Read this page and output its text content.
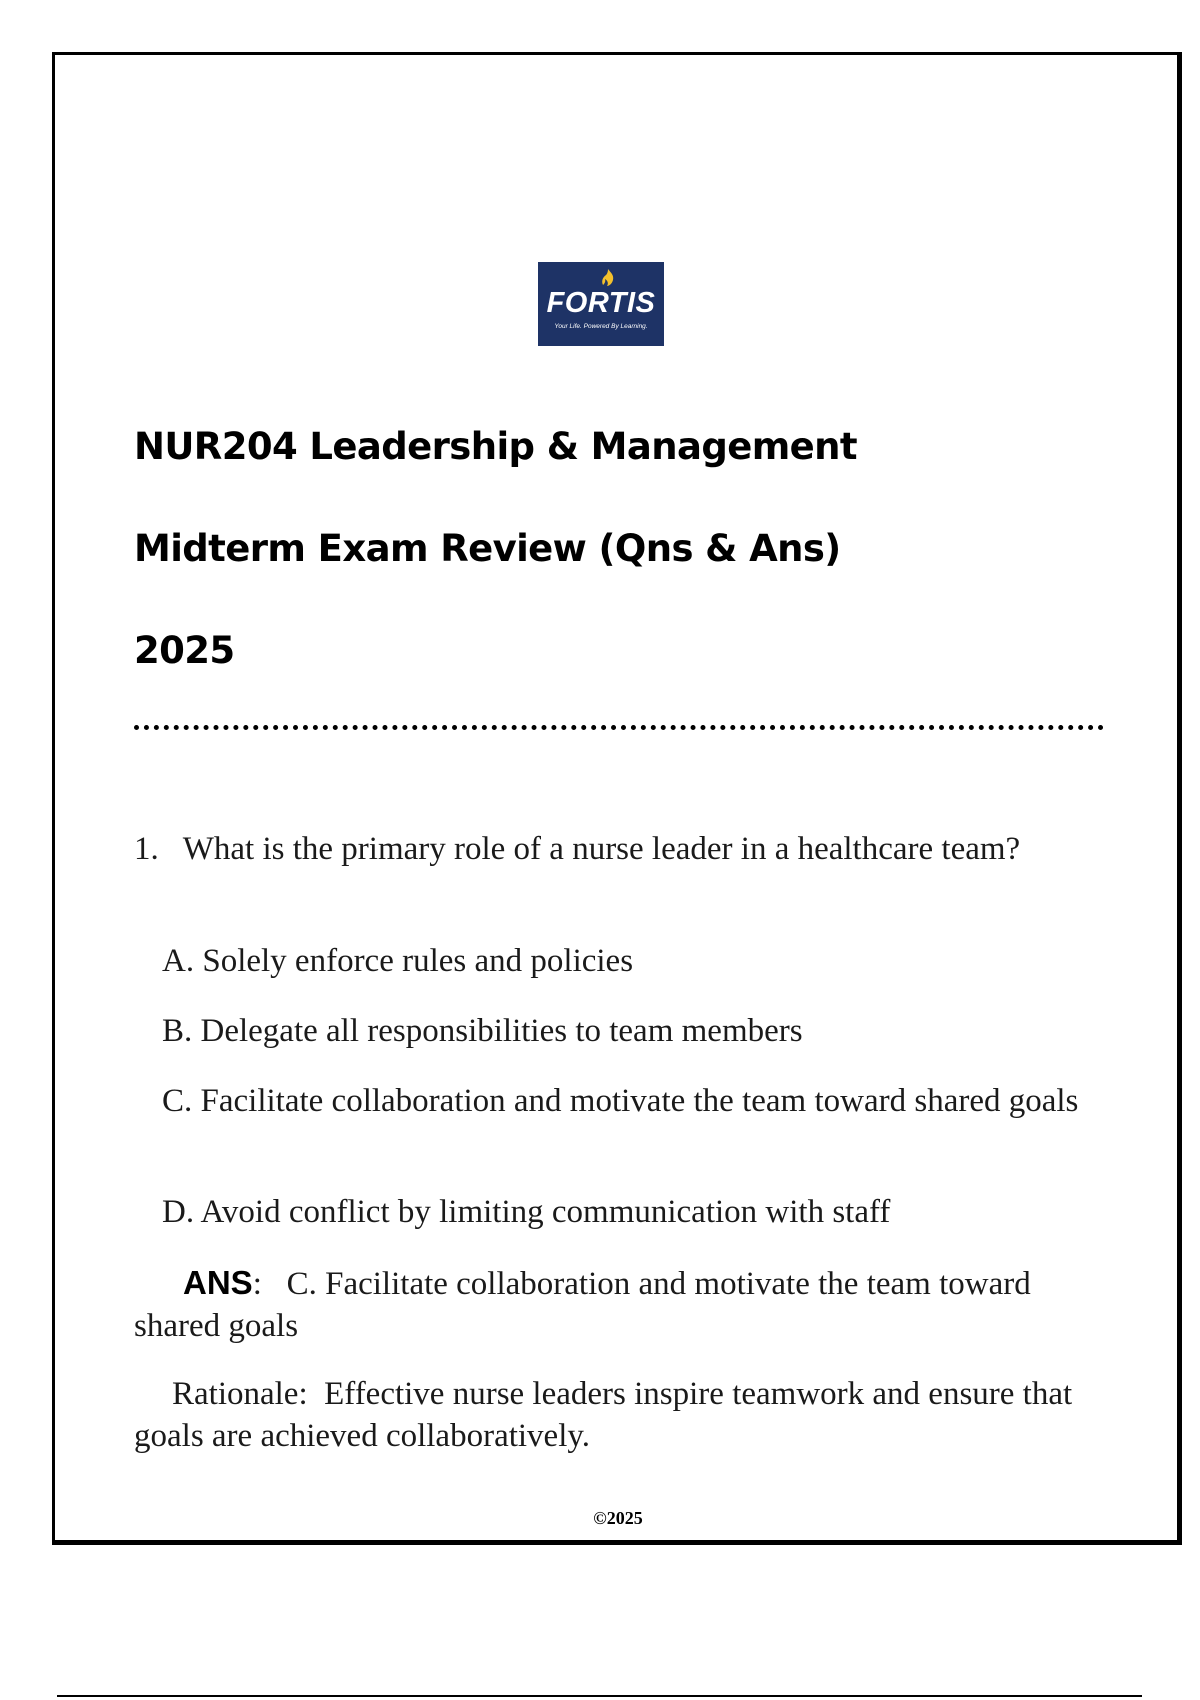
FORTIS
Your Life. Powered By Learning.
NUR204 Leadership & Management
Midterm Exam Review (Qns & Ans)
2025
1. What is the primary role of a nurse leader in a healthcare team?
A. Solely enforce rules and policies
B. Delegate all responsibilities to team members
C. Facilitate collaboration and motivate the team toward shared goals
D. Avoid conflict by limiting communication with staff
ANS:   C. Facilitate collaboration and motivate the team toward shared goals
Rationale: Effective nurse leaders inspire teamwork and ensure that goals are achieved collaboratively.
©2025
